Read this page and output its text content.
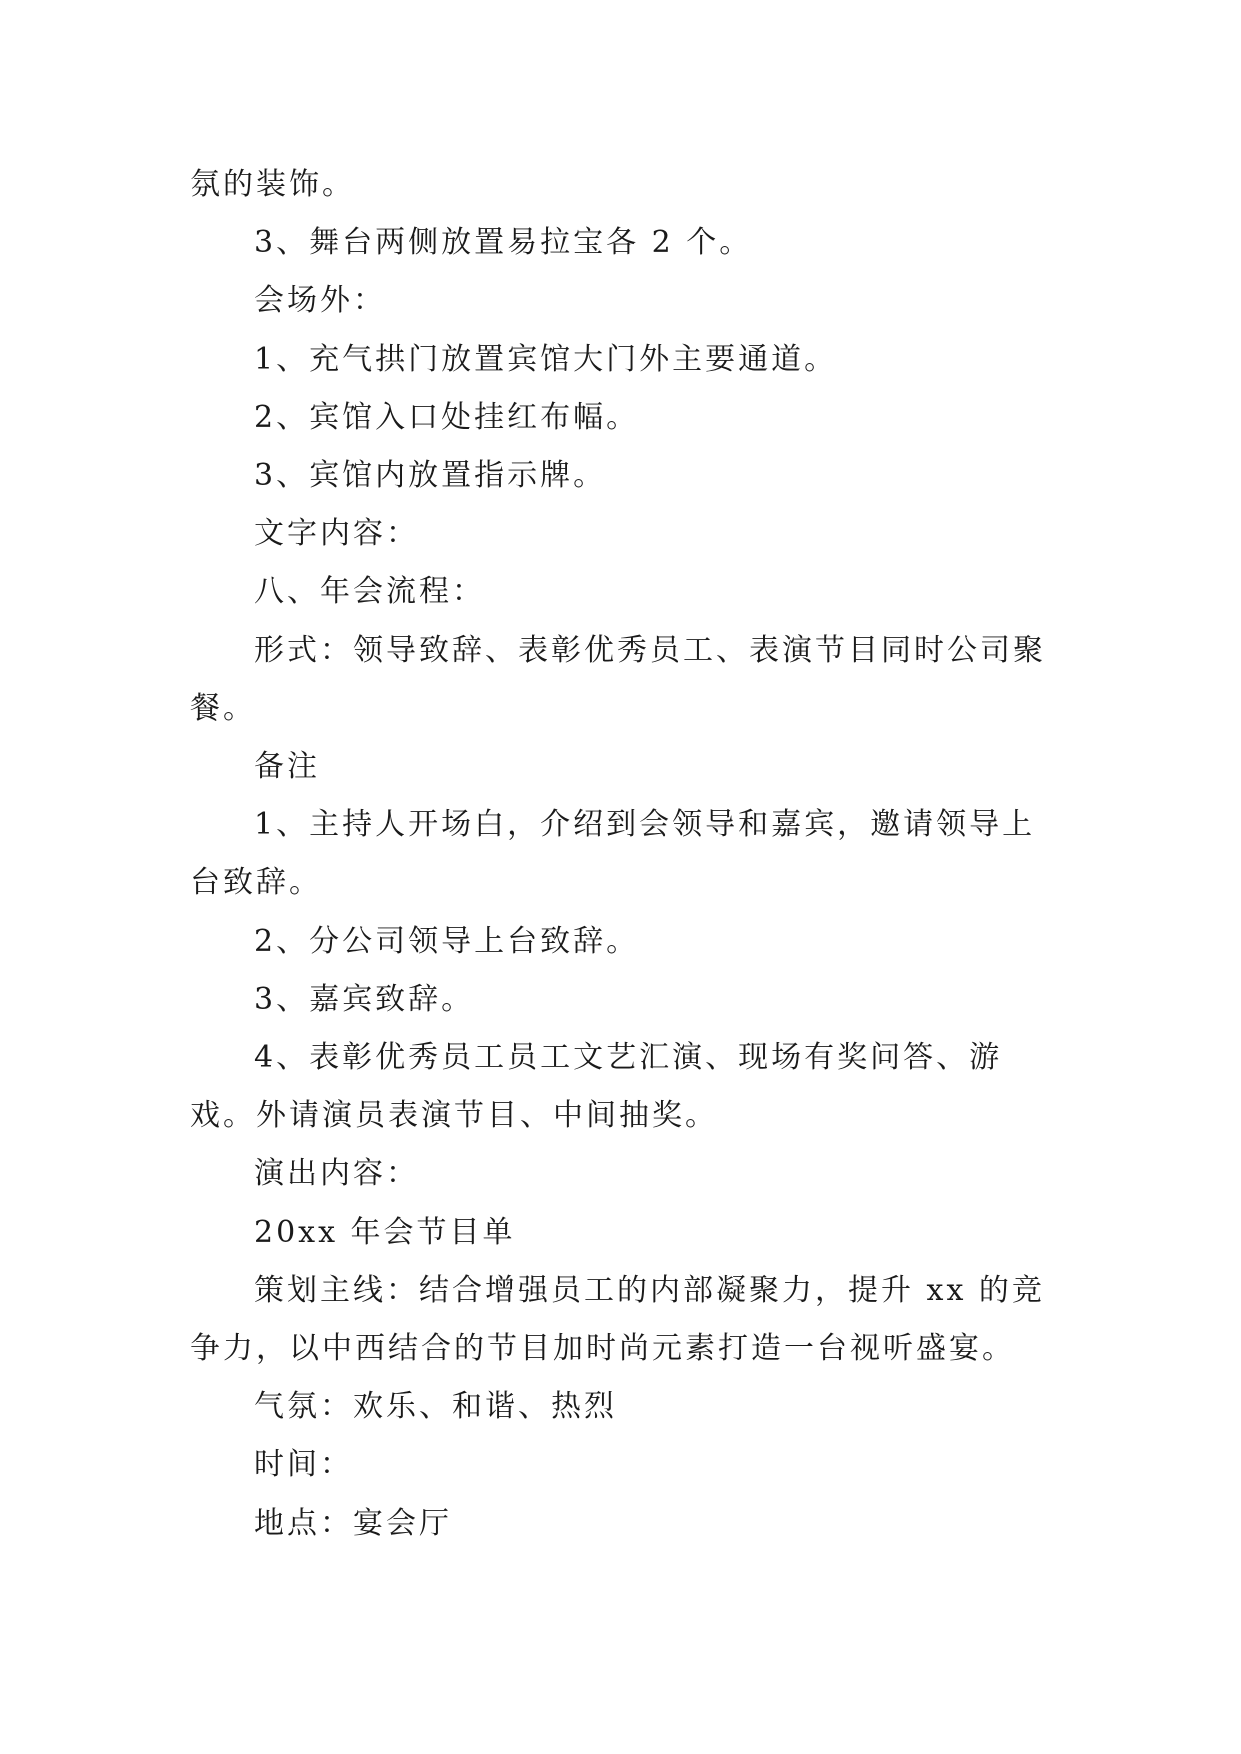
氛的装饰。

3、舞台两侧放置易拉宝各 2 个。

会场外：

1、充气拱门放置宾馆大门外主要通道。

2、宾馆入口处挂红布幅。

3、宾馆内放置指示牌。

文字内容：

八、年会流程：

形式：领导致辞、表彰优秀员工、表演节目同时公司聚餐。

备注

1、主持人开场白，介绍到会领导和嘉宾，邀请领导上台致辞。

2、分公司领导上台致辞。

3、嘉宾致辞。

4、表彰优秀员工员工文艺汇演、现场有奖问答、游戏。外请演员表演节目、中间抽奖。

演出内容：

20xx 年会节目单

策划主线：结合增强员工的内部凝聚力，提升 xx 的竞争力，以中西结合的节目加时尚元素打造一台视听盛宴。

气氛：欢乐、和谐、热烈

时间：

地点：宴会厅
